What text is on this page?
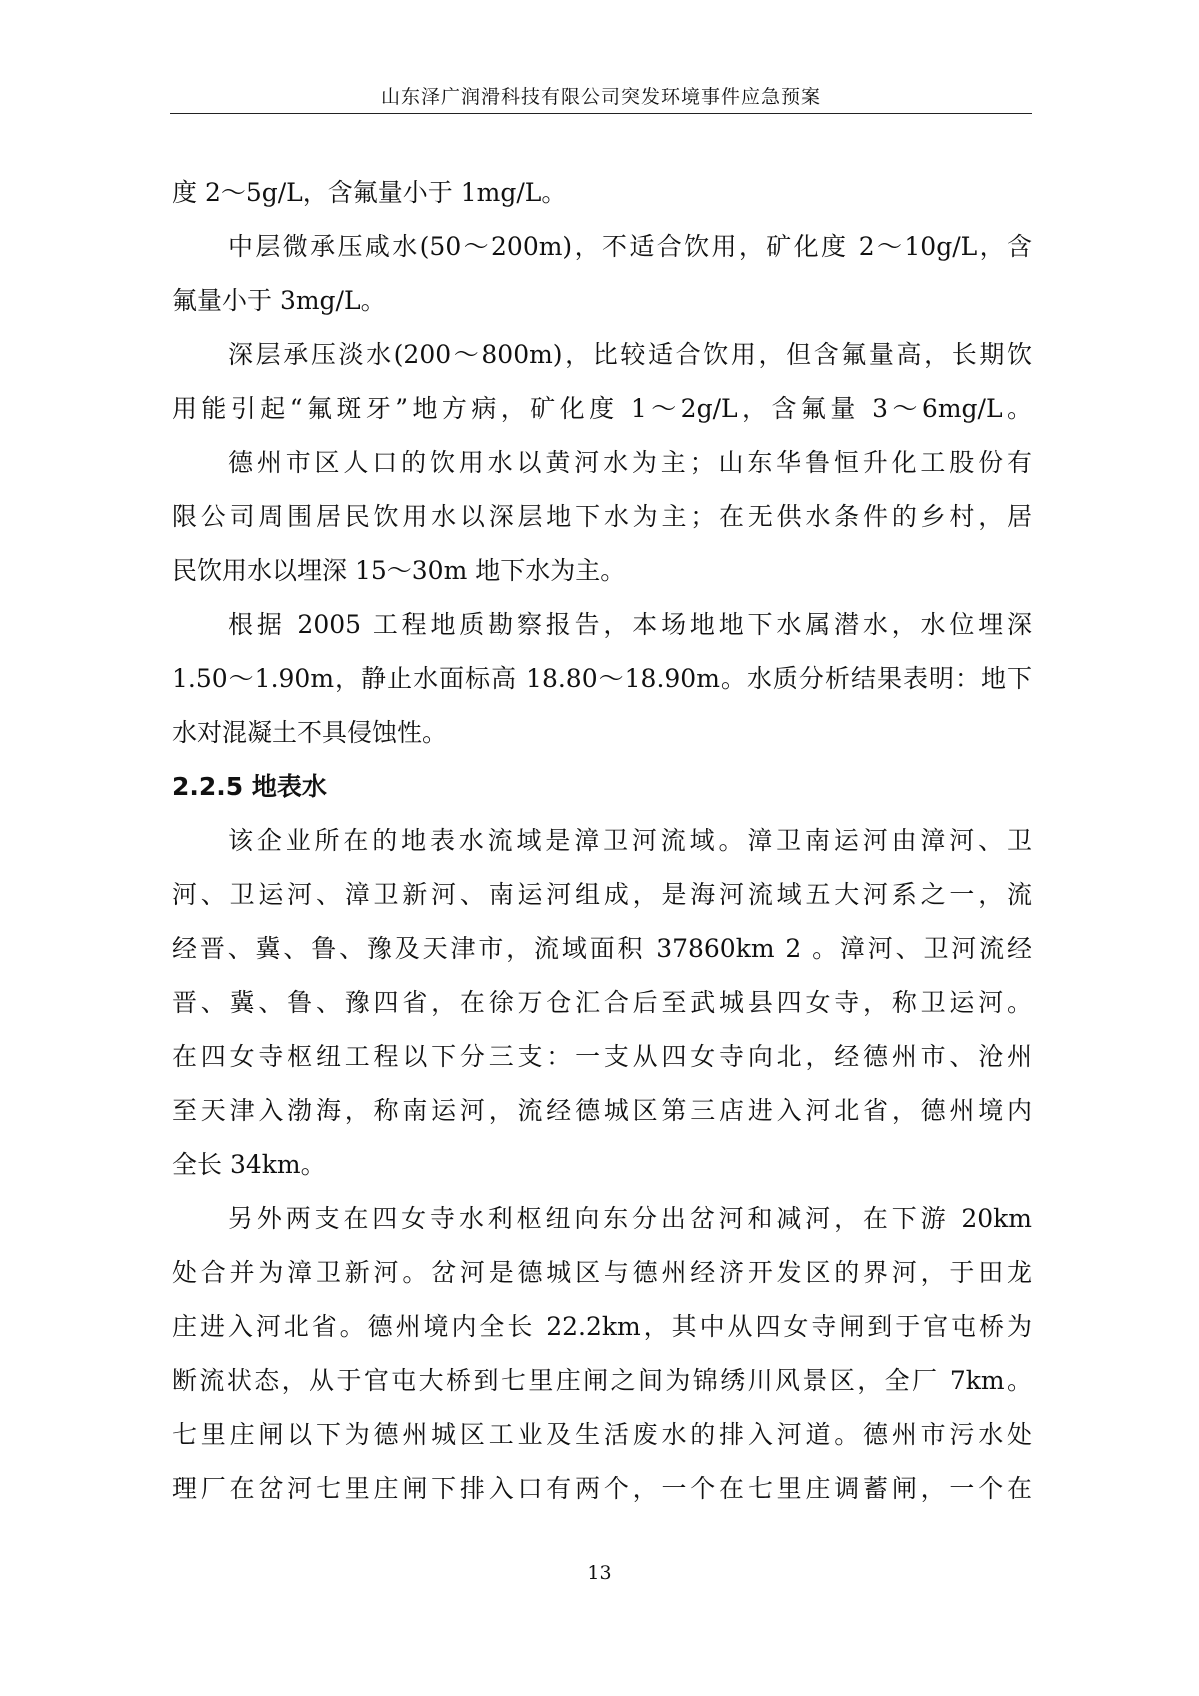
山东泽广润滑科技有限公司突发环境事件应急预案
度 2～5g/L，含氟量小于 1mg/L。
中层微承压咸水(50～200m)，不适合饮用，矿化度 2～10g/L，含
氟量小于 3mg/L。
深层承压淡水(200～800m)，比较适合饮用，但含氟量高，长期饮
用能引起“氟斑牙”地方病，矿化度 1～2g/L，含氟量 3～6mg/L。
德州市区人口的饮用水以黄河水为主；山东华鲁恒升化工股份有
限公司周围居民饮用水以深层地下水为主；在无供水条件的乡村，居
民饮用水以埋深 15～30m 地下水为主。
根据 2005 工程地质勘察报告，本场地地下水属潜水，水位埋深
1.50～1.90m，静止水面标高 18.80～18.90m。水质分析结果表明：地下
水对混凝土不具侵蚀性。
2.2.5 地表水
该企业所在的地表水流域是漳卫河流域。漳卫南运河由漳河、卫
河、卫运河、漳卫新河、南运河组成，是海河流域五大河系之一，流
经晋、冀、鲁、豫及天津市，流域面积 37860km 2 。漳河、卫河流经
晋、冀、鲁、豫四省，在徐万仓汇合后至武城县四女寺，称卫运河。
在四女寺枢纽工程以下分三支：一支从四女寺向北，经德州市、沧州
至天津入渤海，称南运河，流经德城区第三店进入河北省，德州境内
全长 34km。
另外两支在四女寺水利枢纽向东分出岔河和减河，在下游 20km
处合并为漳卫新河。岔河是德城区与德州经济开发区的界河，于田龙
庄进入河北省。德州境内全长 22.2km，其中从四女寺闸到于官屯桥为
断流状态，从于官屯大桥到七里庄闸之间为锦绣川风景区，全厂 7km。
七里庄闸以下为德州城区工业及生活废水的排入河道。德州市污水处
理厂在岔河七里庄闸下排入口有两个，一个在七里庄调蓄闸，一个在
13
